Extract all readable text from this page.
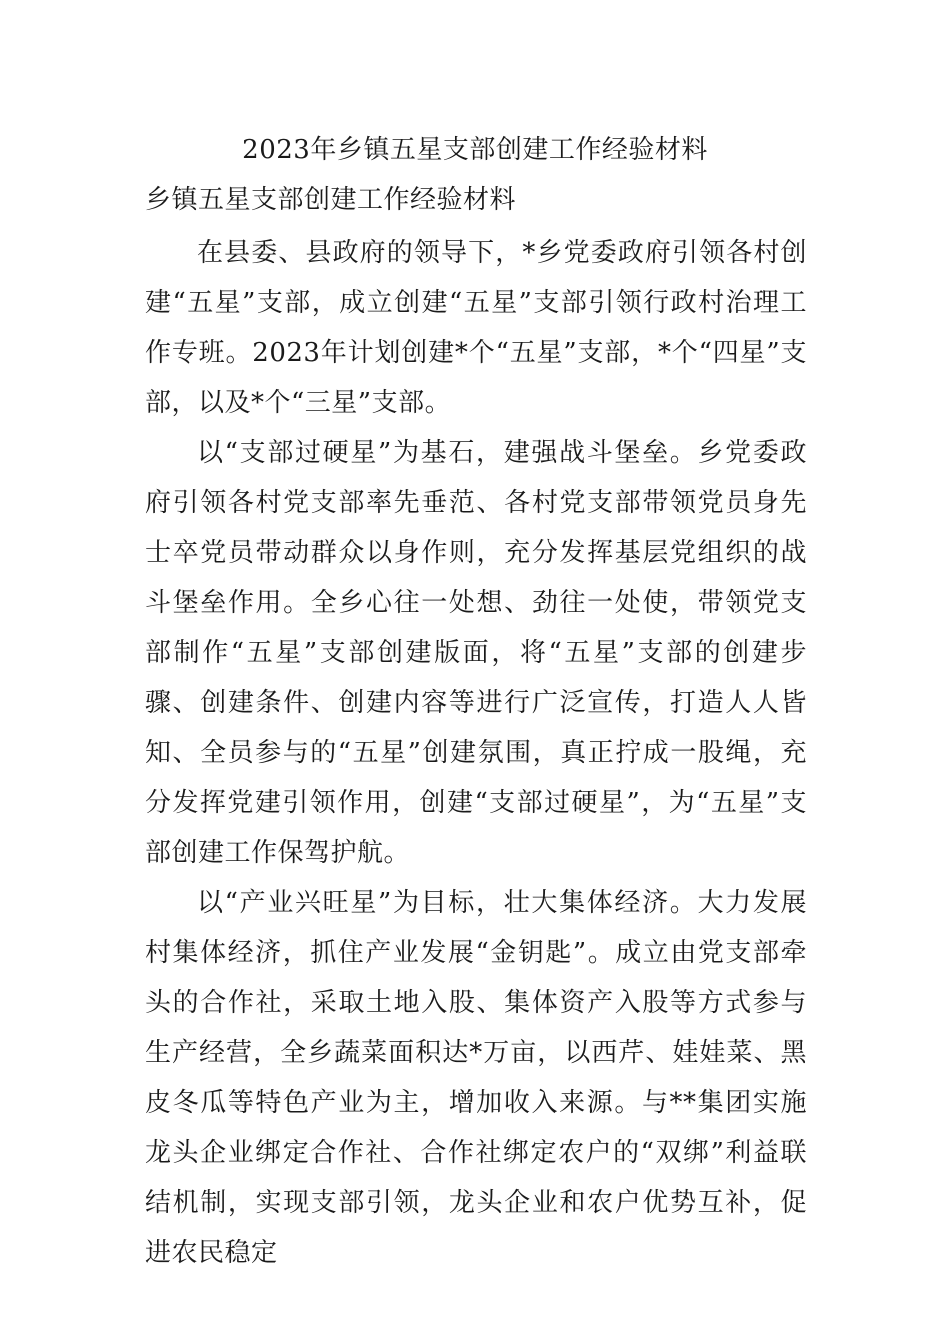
2023年乡镇五星支部创建工作经验材料
乡镇五星支部创建工作经验材料

在县委、县政府的领导下，*乡党委政府引领各村创建“五星”支部，成立创建“五星”支部引领行政村治理工作专班。2023年计划创建*个“五星”支部，*个“四星”支部，以及*个“三星”支部。

以“支部过硬星”为基石，建强战斗堡垒。乡党委政府引领各村党支部率先垂范、各村党支部带领党员身先士卒党员带动群众以身作则，充分发挥基层党组织的战斗堡垒作用。全乡心往一处想、劲往一处使，带领党支部制作“五星”支部创建版面，将“五星”支部的创建步骤、创建条件、创建内容等进行广泛宣传，打造人人皆知、全员参与的“五星”创建氛围，真正拧成一股绳，充分发挥党建引领作用，创建“支部过硬星”，为“五星”支部创建工作保驾护航。

以“产业兴旺星”为目标，壮大集体经济。大力发展村集体经济，抓住产业发展“金钥匙”。成立由党支部牵头的合作社，采取土地入股、集体资产入股等方式参与生产经营，全乡蔬菜面积达*万亩，以西芹、娃娃菜、黑皮冬瓜等特色产业为主，增加收入来源。与**集团实施龙头企业绑定合作社、合作社绑定农户的“双绑”利益联结机制，实现支部引领，龙头企业和农户优势互补，促进农民稳定
